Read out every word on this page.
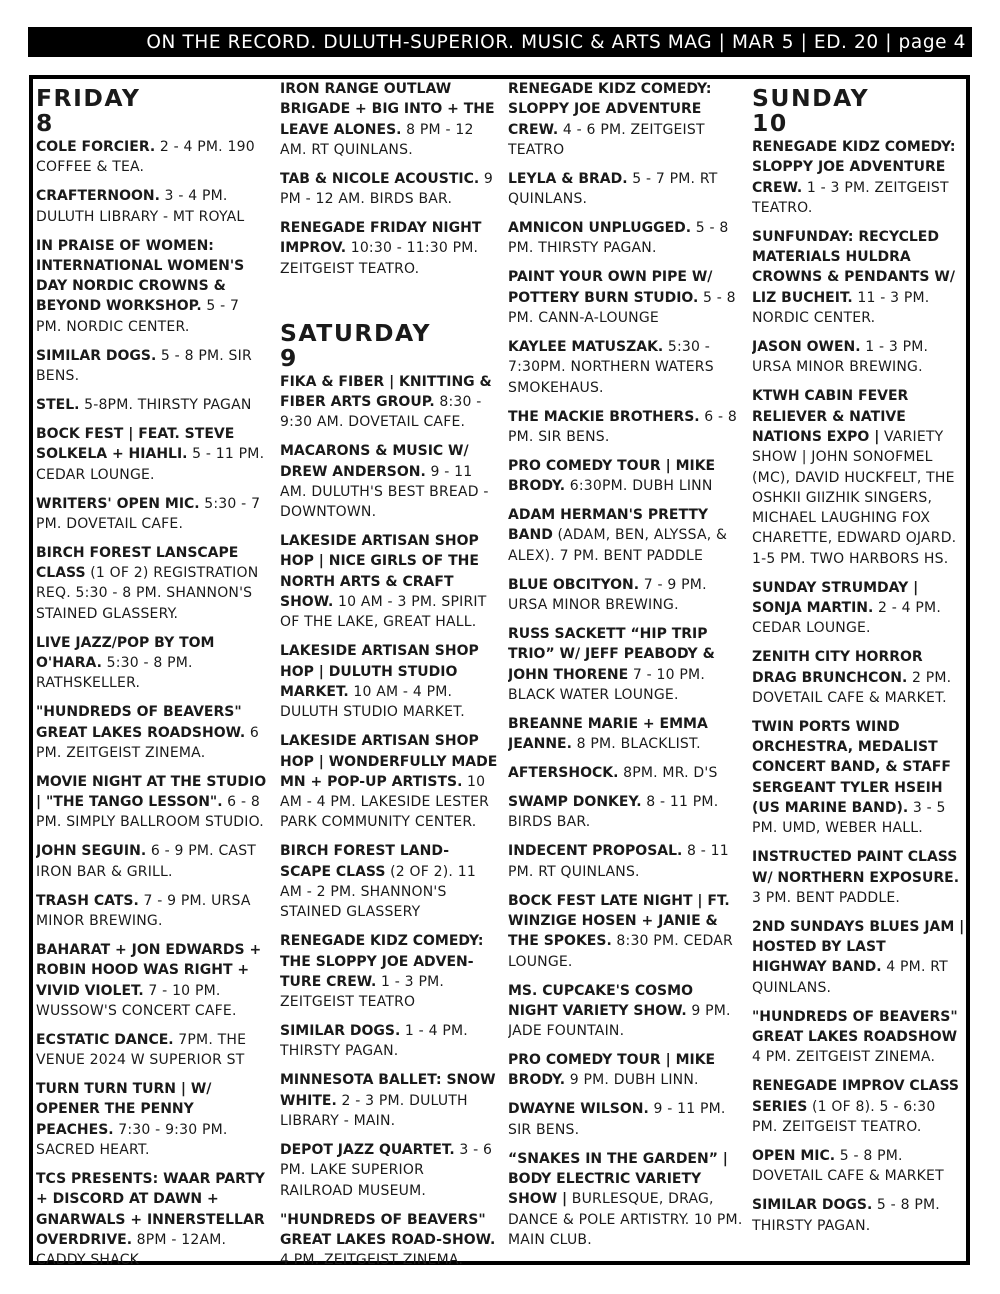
ON THE RECORD. DULUTH-SUPERIOR. MUSIC & ARTS MAG | MAR 5 | ED. 20 | page 4
FRIDAY
8
COLE FORCIER. 2 - 4 PM. 190 COFFEE & TEA.
CRAFTERNOON. 3 - 4 PM. DULUTH LIBRARY - MT ROYAL
IN PRAISE OF WOMEN: INTERNATIONAL WOMEN'S DAY NORDIC CROWNS & BEYOND WORKSHOP. 5 - 7 PM. NORDIC CENTER.
SIMILAR DOGS. 5 - 8 PM. SIR BENS.
STEL. 5-8PM. THIRSTY PAGAN
BOCK FEST | FEAT. STEVE SOLKELA + HIAHLI. 5 - 11 PM. CEDAR LOUNGE.
WRITERS' OPEN MIC. 5:30 - 7 PM. DOVETAIL CAFE.
BIRCH FOREST LANSCAPE CLASS (1 OF 2) REGISTRATION REQ. 5:30 - 8 PM. SHANNON'S STAINED GLASSERY.
LIVE JAZZ/POP BY TOM O'HARA. 5:30 - 8 PM. RATHSKELLER.
"HUNDREDS OF BEAVERS" GREAT LAKES ROADSHOW. 6 PM. ZEITGEIST ZINEMA.
MOVIE NIGHT AT THE STUDIO | "THE TANGO LESSON". 6 - 8 PM. SIMPLY BALLROOM STUDIO.
JOHN SEGUIN. 6 - 9 PM. CAST IRON BAR & GRILL.
TRASH CATS. 7 - 9 PM. URSA MINOR BREWING.
BAHARAT + JON EDWARDS + ROBIN HOOD WAS RIGHT + VIVID VIOLET. 7 - 10 PM. WUSSOW'S CONCERT CAFE.
ECSTATIC DANCE. 7PM. THE VENUE 2024 W SUPERIOR ST
TURN TURN TURN | W/ OPENER THE PENNY PEACHES. 7:30 - 9:30 PM. SACRED HEART.
TCS PRESENTS: WAAR PARTY + DISCORD AT DAWN + GNARWALS + INNERSTELLAR OVERDRIVE. 8PM - 12AM. CADDY SHACK
IRON RANGE OUTLAW BRIGADE + BIG INTO + THE LEAVE ALONES. 8 PM - 12 AM. RT QUINLANS.
TAB & NICOLE ACOUSTIC. 9 PM - 12 AM. BIRDS BAR.
RENEGADE FRIDAY NIGHT IMPROV. 10:30 - 11:30 PM. ZEITGEIST TEATRO.
SATURDAY
9
FIKA & FIBER | KNITTING & FIBER ARTS GROUP. 8:30 - 9:30 AM. DOVETAIL CAFE.
MACARONS & MUSIC W/ DREW ANDERSON. 9 - 11 AM. DULUTH'S BEST BREAD - DOWNTOWN.
LAKESIDE ARTISAN SHOP HOP | NICE GIRLS OF THE NORTH ARTS & CRAFT SHOW. 10 AM - 3 PM. SPIRIT OF THE LAKE, GREAT HALL.
LAKESIDE ARTISAN SHOP HOP | DULUTH STUDIO MARKET. 10 AM - 4 PM. DULUTH STUDIO MARKET.
LAKESIDE ARTISAN SHOP HOP | WONDERFULLY MADE MN + POP-UP ARTISTS. 10 AM - 4 PM. LAKESIDE LESTER PARK COMMUNITY CENTER.
BIRCH FOREST LAND-SCAPE CLASS (2 OF 2). 11 AM - 2 PM. SHANNON'S STAINED GLASSERY
RENEGADE KIDZ COMEDY: THE SLOPPY JOE ADVEN-TURE CREW. 1 - 3 PM. ZEITGEIST TEATRO
SIMILAR DOGS. 1 - 4 PM. THIRSTY PAGAN.
MINNESOTA BALLET: SNOW WHITE. 2 - 3 PM. DULUTH LIBRARY - MAIN.
DEPOT JAZZ QUARTET. 3 - 6 PM. LAKE SUPERIOR RAILROAD MUSEUM.
"HUNDREDS OF BEAVERS" GREAT LAKES ROAD-SHOW. 4 PM. ZEITGEIST ZINEMA.
RENEGADE KIDZ COMEDY: SLOPPY JOE ADVENTURE CREW. 4 - 6 PM. ZEITGEIST TEATRO
LEYLA & BRAD. 5 - 7 PM. RT QUINLANS.
AMNICON UNPLUGGED. 5 - 8 PM. THIRSTY PAGAN.
PAINT YOUR OWN PIPE W/ POTTERY BURN STUDIO. 5 - 8 PM. CANN-A-LOUNGE
KAYLEE MATUSZAK. 5:30 - 7:30PM. NORTHERN WATERS SMOKEHAUS.
THE MACKIE BROTHERS. 6 - 8 PM. SIR BENS.
PRO COMEDY TOUR | MIKE BRODY. 6:30PM. DUBH LINN
ADAM HERMAN'S PRETTY BAND (ADAM, BEN, ALYSSA, & ALEX). 7 PM. BENT PADDLE
BLUE OBCITYON. 7 - 9 PM. URSA MINOR BREWING.
RUSS SACKETT “HIP TRIP TRIO” W/ JEFF PEABODY & JOHN THORENE 7 - 10 PM. BLACK WATER LOUNGE.
BREANNE MARIE + EMMA JEANNE. 8 PM. BLACKLIST.
AFTERSHOCK. 8PM. MR. D'S
SWAMP DONKEY. 8 - 11 PM. BIRDS BAR.
INDECENT PROPOSAL. 8 - 11 PM. RT QUINLANS.
BOCK FEST LATE NIGHT | FT. WINZIGE HOSEN + JANIE & THE SPOKES. 8:30 PM. CEDAR LOUNGE.
MS. CUPCAKE'S COSMO NIGHT VARIETY SHOW. 9 PM. JADE FOUNTAIN.
PRO COMEDY TOUR | MIKE BRODY. 9 PM. DUBH LINN.
DWAYNE WILSON. 9 - 11 PM. SIR BENS.
“SNAKES IN THE GARDEN” | BODY ELECTRIC VARIETY SHOW | BURLESQUE, DRAG, DANCE & POLE ARTISTRY. 10 PM. MAIN CLUB.
SUNDAY
10
RENEGADE KIDZ COMEDY: SLOPPY JOE ADVENTURE CREW. 1 - 3 PM. ZEITGEIST TEATRO.
SUNFUNDAY: RECYCLED MATERIALS HULDRA CROWNS & PENDANTS W/ LIZ BUCHEIT. 11 - 3 PM. NORDIC CENTER.
JASON OWEN. 1 - 3 PM. URSA MINOR BREWING.
KTWH CABIN FEVER RELIEVER & NATIVE NATIONS EXPO | VARIETY SHOW | JOHN SONOFMEL (MC), DAVID HUCKFELT, THE OSHKII GIIZHIK SINGERS, MICHAEL LAUGHING FOX CHARETTE, EDWARD OJARD. 1-5 PM. TWO HARBORS HS.
SUNDAY STRUMDAY | SONJA MARTIN. 2 - 4 PM. CEDAR LOUNGE.
ZENITH CITY HORROR DRAG BRUNCHCON. 2 PM. DOVETAIL CAFE & MARKET.
TWIN PORTS WIND ORCHESTRA, MEDALIST CONCERT BAND, & STAFF SERGEANT TYLER HSEIH (US MARINE BAND). 3 - 5 PM. UMD, WEBER HALL.
INSTRUCTED PAINT CLASS W/ NORTHERN EXPOSURE. 3 PM. BENT PADDLE.
2ND SUNDAYS BLUES JAM | HOSTED BY LAST HIGHWAY BAND. 4 PM. RT QUINLANS.
"HUNDREDS OF BEAVERS" GREAT LAKES ROADSHOW 4 PM. ZEITGEIST ZINEMA.
RENEGADE IMPROV CLASS SERIES (1 OF 8). 5 - 6:30 PM. ZEITGEIST TEATRO.
OPEN MIC. 5 - 8 PM. DOVETAIL CAFE & MARKET
SIMILAR DOGS. 5 - 8 PM. THIRSTY PAGAN.
